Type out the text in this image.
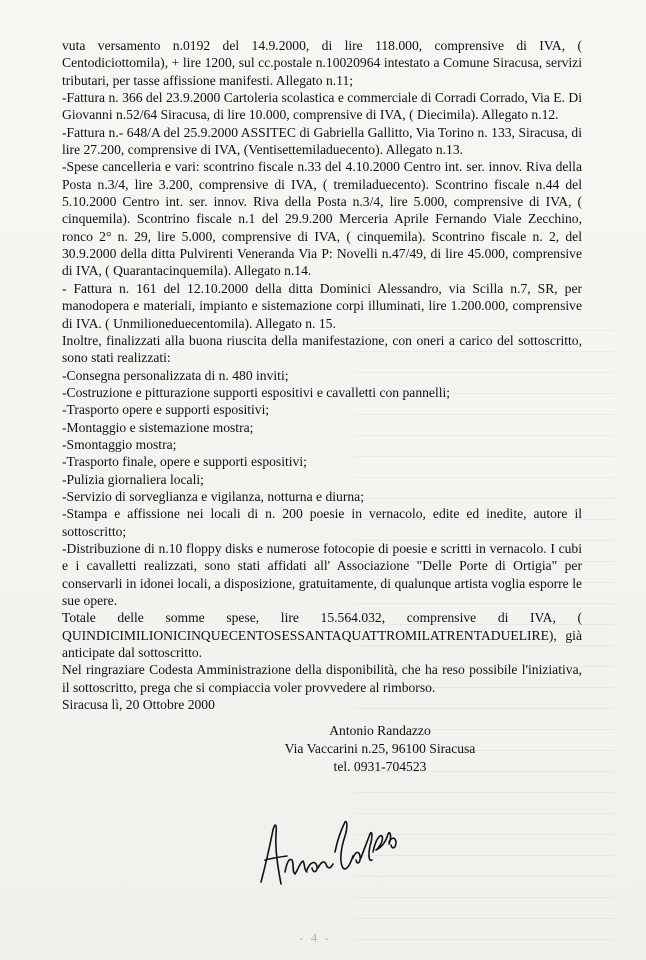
vuta versamento n.0192 del 14.9.2000, di lire 118.000, comprensive di IVA, ( Centodiciottomila), + lire 1200, sul cc.postale n.10020964 intestato a Comune Siracusa, servizi tributari, per tasse affissione manifesti. Allegato n.11;

-Fattura n. 366 del 23.9.2000 Cartoleria scolastica e commerciale di Corradi Corrado, Via E. Di Giovanni n.52/64 Siracusa, di lire 10.000, comprensive di IVA, ( Diecimila). Allegato n.12.

-Fattura n.- 648/A del 25.9.2000 ASSITEC di Gabriella Gallitto, Via Torino n. 133, Siracusa, di lire 27.200, comprensive di IVA, (Ventisettemiladuecento). Allegato n.13.

-Spese cancelleria e vari: scontrino fiscale n.33 del 4.10.2000 Centro int. ser. innov. Riva della Posta n.3/4, lire 3.200, comprensive di IVA, ( tremiladuecento). Scontrino fiscale n.44 del 5.10.2000 Centro int. ser. innov. Riva della Posta n.3/4, lire 5.000, comprensive di IVA, ( cinquemila). Scontrino fiscale n.1 del 29.9.200 Merceria Aprile Fernando Viale Zecchino, ronco 2° n. 29, lire 5.000, comprensive di IVA, ( cinquemila). Scontrino fiscale n. 2, del 30.9.2000 della ditta Pulvirenti Veneranda Via P: Novelli n.47/49, di lire 45.000, comprensive di IVA, ( Quarantacinquemila). Allegato n.14.

- Fattura n. 161 del 12.10.2000 della ditta Dominici Alessandro, via Scilla n.7, SR, per manodopera e materiali, impianto e sistemazione corpi illuminati, lire 1.200.000, comprensive di IVA. ( Unmilioneduecentomila). Allegato n. 15.

Inoltre, finalizzati alla buona riuscita della manifestazione, con oneri a carico del sottoscritto, sono stati realizzati:

-Consegna personalizzata di n. 480 inviti;

-Costruzione e pitturazione supporti espositivi e cavalletti con pannelli;

-Trasporto opere e supporti espositivi;

-Montaggio e sistemazione mostra;

-Smontaggio mostra;

-Trasporto finale, opere e supporti espositivi;

-Pulizia giornaliera locali;

-Servizio di sorveglianza e vigilanza, notturna e diurna;

-Stampa e affissione nei locali di n. 200 poesie in vernacolo, edite ed inedite, autore il sottoscritto;

-Distribuzione di n.10 floppy disks e numerose fotocopie di poesie e scritti in vernacolo. I cubi e i cavalletti realizzati, sono stati affidati all' Associazione "Delle Porte di Ortigia" per conservarli in idonei locali, a disposizione, gratuitamente, di qualunque artista voglia esporre le sue opere.

Totale delle somme spese, lire 15.564.032, comprensive di IVA, ( QUINDICIMILIONICINQUECENTOSESSANTAQUATTROMILATRENTADUELIRE), già anticipate dal sottoscritto.

Nel ringraziare Codesta Amministrazione della disponibilità, che ha reso possibile l'iniziativa, il sottoscritto, prega che si compiaccia voler provvedere al rimborso.

Siracusa lì, 20 Ottobre 2000

Antonio Randazzo
Via Vaccarini n.25, 96100 Siracusa
tel. 0931-704523
- 4 -
